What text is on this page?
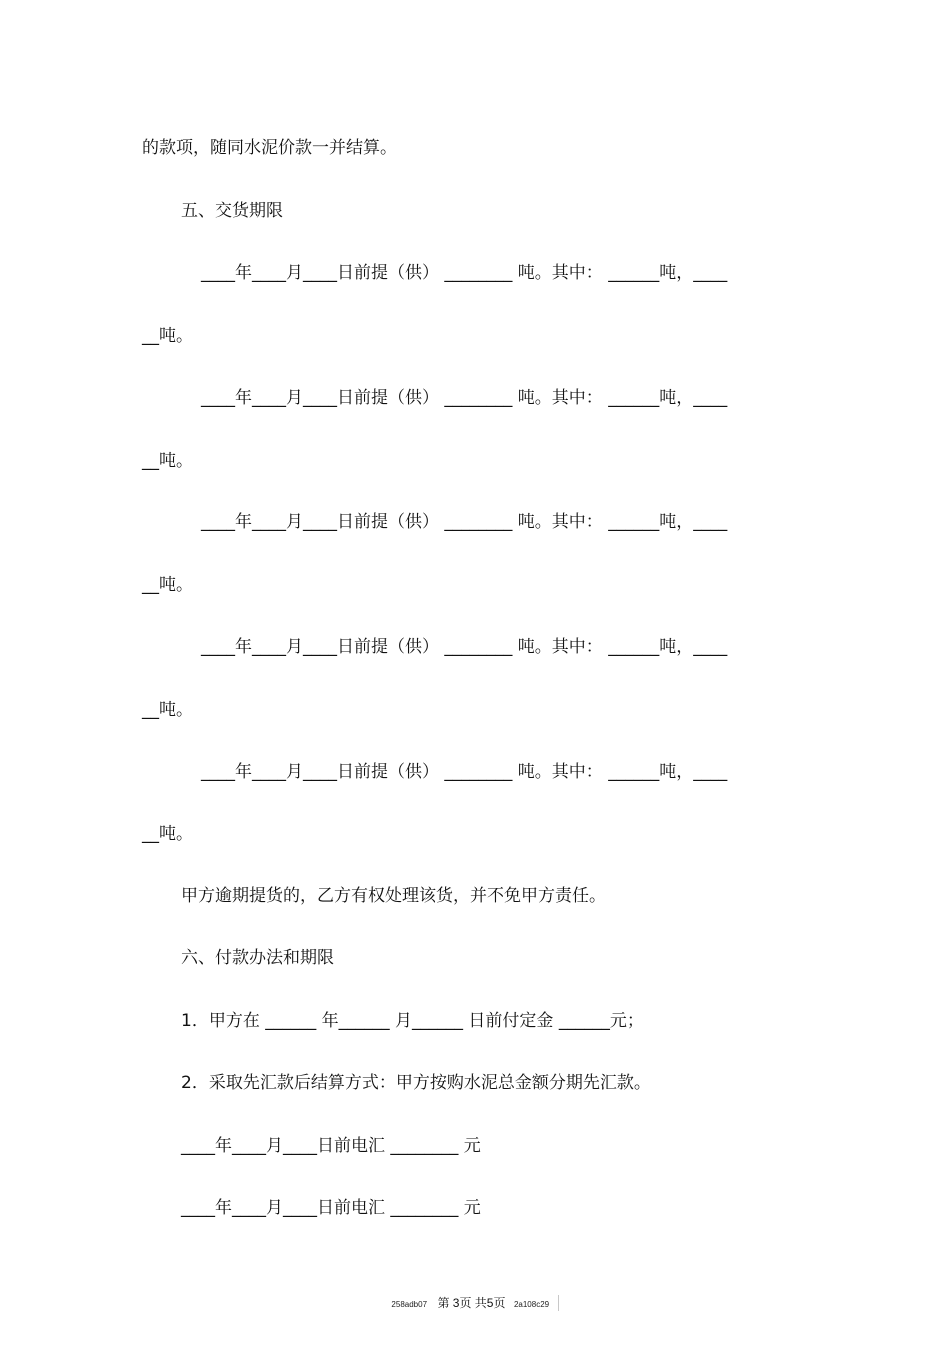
的款项，随同水泥价款一并结算。
五、交货期限
____年____月____日前提（供） ________ 吨。其中： ______吨，____
__吨。
____年____月____日前提（供） ________ 吨。其中： ______吨，____
__吨。
____年____月____日前提（供） ________ 吨。其中： ______吨，____
__吨。
____年____月____日前提（供） ________ 吨。其中： ______吨，____
__吨。
____年____月____日前提（供） ________ 吨。其中： ______吨，____
__吨。
甲方逾期提货的，乙方有权处理该货，并不免甲方责任。
六、付款办法和期限
1．甲方在 ______ 年______ 月______ 日前付定金 ______元；
2．采取先汇款后结算方式：甲方按购水泥总金额分期先汇款。
____年____月____日前电汇 ________ 元
____年____月____日前电汇 ________ 元
258adb07 第 3页 共5页 2a108c29
